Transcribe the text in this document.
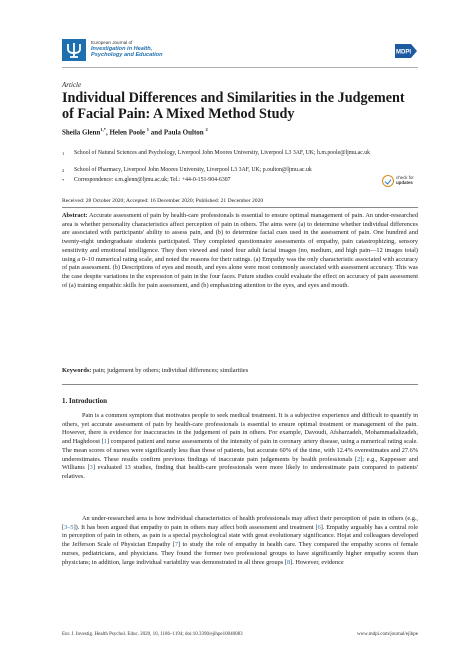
European Journal of
Investigation in Health,
Psychology and Education	MDPI
Article
Individual Differences and Similarities in the Judgement of Facial Pain: A Mixed Method Study
Sheila Glenn$^{1,*}$, Helen Poole $^1$ and Paula Oulton $^2$
1 School of Natural Sciences and Psychology, Liverpool John Moores University, Liverpool L3 3AF, UK; h.m.poole@ljmu.ac.uk
2 School of Pharmacy, Liverpool John Moores University, Liverpool L3 3AF, UK; p.oulton@ljmu.ac.uk
* Correspondence: s.m.glenn@ljmu.ac.uk; Tel.: +44-0-151-904-6307	check for
updates
Received: 28 October 2020; Accepted: 16 December 2020; Published: 21 December 2020
Abstract: Accurate assessment of pain by health-care professionals is essential to ensure optimal management of pain. An under-researched area is whether personality characteristics affect perception of pain in others. The aims were (a) to determine whether individual differences are associated with participants' ability to assess pain, and (b) to determine facial cues used in the assessment of pain. One hundred and twenty-eight undergraduate students participated. They completed questionnaire assessments of empathy, pain catastrophizing, sensory sensitivity and emotional intelligence. They then viewed and rated four adult facial images (no, medium, and high pain—12 images total) using a 0–10 numerical rating scale, and noted the reasons for their ratings. (a) Empathy was the only characteristic associated with accuracy of pain assessment. (b) Descriptions of eyes and mouth, and eyes alone were most commonly associated with assessment accuracy. This was the case despite variations in the expression of pain in the four faces. Future studies could evaluate the effect on accuracy of pain assessment of (a) training empathic skills for pain assessment, and (b) emphasizing attention to the eyes, and eyes and mouth.
Keywords: pain; judgement by others; individual differences; similarities
1. Introduction
Pain is a common symptom that motivates people to seek medical treatment. It is a subjective experience and difficult to quantify in others, yet accurate assessment of pain by health-care professionals is essential to ensure optimal treatment or management of the pain. However, there is evidence for inaccuracies in the judgement of pain in others. For example, Davoudi, Afsharzadeh, Mohammadalizadeh, and Haghdoost [1] compared patient and nurse assessments of the intensity of pain in coronary artery disease, using a numerical rating scale. The mean scores of nurses were significantly less than those of patients, but accurate 60% of the time, with 12.4% overestimates and 27.6% underestimates. These results confirm previous findings of inaccurate pain judgements by health professionals [2]; e.g., Kappesser and Williams [3] evaluated 13 studies, finding that health-care professionals were more likely to underestimate pain compared to patients' relatives.
An under-researched area is how individual characteristics of health professionals may affect their perception of pain in others (e.g., [3–5]). It has been argued that empathy to pain in others may affect both assessment and treatment [6]. Empathy arguably has a central role in perception of pain in others, as pain is a special psychological state with great evolutionary significance. Hojat and colleagues developed the Jefferson Scale of Physician Empathy [7] to study the role of empathy in health care. They compared the empathy scores of female nurses, pediatricians, and physicians. They found the former two professional groups to have significantly higher empathy scores than physicians; in addition, large individual variability was demonstrated in all three groups [8]. However, evidence
Eur. J. Investig. Health Psychol. Educ. 2020, 10, 1186–1194; doi:10.3390/ejihpe10040083	www.mdpi.com/journal/ejihpe
